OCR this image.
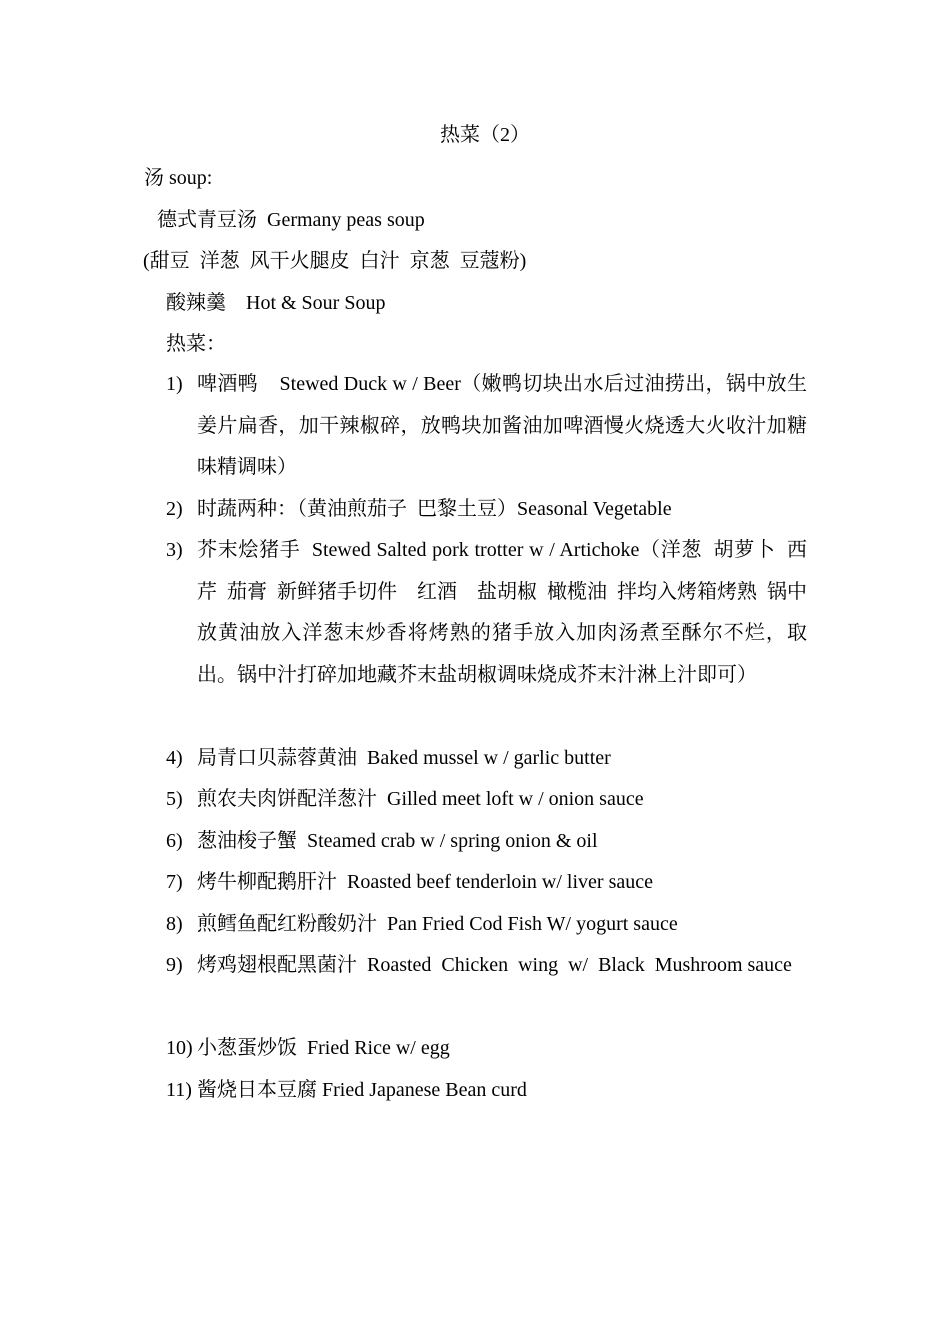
热菜（2）
汤 soup:
德式青豆汤  Germany peas soup
(甜豆  洋葱  风干火腿皮  白汁  京葱  豆蔻粉)
酸辣羹    Hot & Sour Soup
热菜：
1) 啤酒鸭    Stewed Duck w / Beer（嫩鸭切块出水后过油捞出，锅中放生姜片扁香，加干辣椒碎，放鸭块加酱油加啤酒慢火烧透大火收汁加糖味精调味）
2) 时蔬两种：（黄油煎茄子  巴黎土豆）Seasonal Vegetable
3) 芥末烩猪手  Stewed Salted pork trotter w / Artichoke（洋葱  胡萝卜  西芹  茄膏  新鲜猪手切件    红酒    盐胡椒  橄榄油  拌均入烤箱烤熟  锅中放黄油放入洋葱末炒香将烤熟的猪手放入加肉汤煮至酥尔不烂，取出。锅中汁打碎加地藏芥末盐胡椒调味烧成芥末汁淋上汁即可）
4) 局青口贝蒜蓉黄油  Baked mussel w / garlic butter
5) 煎农夫肉饼配洋葱汁  Gilled meet loft w / onion sauce
6) 葱油梭子蟹  Steamed crab w / spring onion & oil
7) 烤牛柳配鹅肝汁  Roasted beef tenderloin w/ liver sauce
8) 煎鳕鱼配红粉酸奶汁  Pan Fried Cod Fish W/ yogurt sauce
9) 烤鸡翅根配黑菌汁  Roasted  Chicken  wing  w/  Black  Mushroom sauce
10) 小葱蛋炒饭  Fried Rice w/ egg
11) 酱烧日本豆腐 Fried Japanese Bean curd
